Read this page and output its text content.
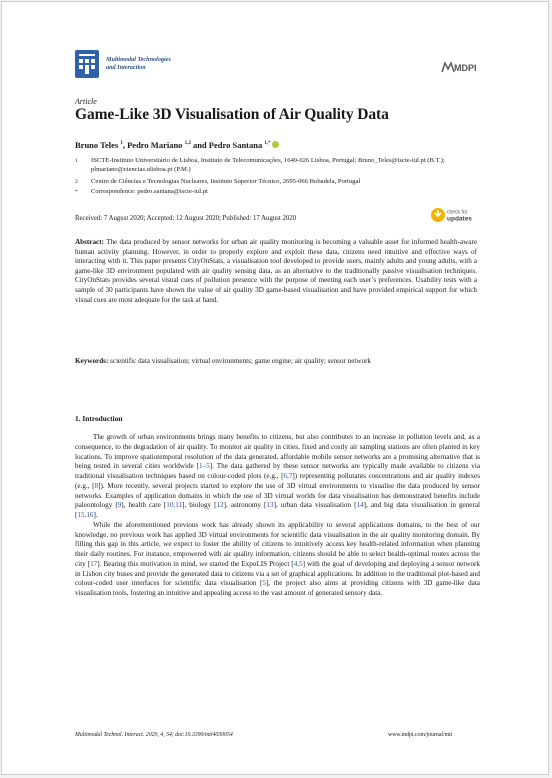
Multimodal Technologies
and Interaction	MDPI
Article
Game-Like 3D Visualisation of Air Quality Data
Bruno Teles $^1$, Pedro Mariano $^{1,2}$ and Pedro Santana $^{1,*}$
1 ISCTE-Instituto Universitário de Lisboa, Instituto de Telecomunicações, 1649-026 Lisboa, Portugal; Bruno_Teles@iscte-iul.pt (B.T.); plmariano@ciencias.ulisboa.pt (P.M.)
2 Centro de Ciências e Tecnologias Nucleares, Instituto Superior Técnico, 2695-066 Bobadela, Portugal
* Correspondence: pedro.santana@iscte-iul.pt
Received: 7 August 2020; Accepted: 12 August 2020; Published: 17 August 2020
check for
updates
Abstract: The data produced by sensor networks for urban air quality monitoring is becoming a valuable asset for informed health-aware human activity planning. However, in order to properly explore and exploit these data, citizens need intuitive and effective ways of interacting with it. This paper presents CityOnStats, a visualisation tool developed to provide users, mainly adults and young adults, with a game-like 3D environment populated with air quality sensing data, as an alternative to the traditionally passive visualisation techniques. CityOnStats provides several visual cues of pollution presence with the purpose of meeting each user’s preferences. Usability tests with a sample of 30 participants have shown the value of air quality 3D game-based visualisation and have provided empirical support for which visual cues are most adequate for the task at hand.
Keywords: scientific data visualisation; virtual environments; game engine; air quality; sensor network
1. Introduction

The growth of urban environments brings many benefits to citizens, but also contributes to an increase in pollution levels and, as a consequence, to the degradation of air quality. To monitor air quality in cities, fixed and costly air sampling stations are often planted in key locations. To improve spatiotemporal resolution of the data generated, affordable mobile sensor networks are a promising alternative that is being tested in several cities worldwide [1–5]. The data gathered by these sensor networks are typically made available to citizens via traditional visualisation techniques based on colour-coded plots (e.g., [6,7]) representing pollutants concentrations and air quality indexes (e.g., [8]). More recently, several projects started to explore the use of 3D virtual environments to visualise the data produced by sensor networks. Examples of application domains in which the use of 3D virtual worlds for data visualisation has demonstrated benefits include paleontology [9], health care [10,11], biology [12], astronomy [13], urban data visualisation [14], and big data visualisation in general [15,16].

While the aforementioned previous work has already shown its applicability to several applications domains, to the best of our knowledge, no previous work has applied 3D virtual environments for scientific data visualisation in the air quality monitoring domain. By filling this gap in this article, we expect to foster the ability of citizens to intuitively access key health-related information when planning their daily routines. For instance, empowered with air quality information, citizens should be able to select health-optimal routes across the city [17]. Bearing this motivation in mind, we started the ExpoLIS Project [4,5] with the goal of developing and deploying a sensor network in Lisbon city buses and provide the generated data to citizens via a set of graphical applications. In addition to the traditional plot-based and colour-coded user interfaces for scientific data visualisation [5], the project also aims at providing citizens with 3D game-like data visualisation tools, fostering an intuitive and appealing access to the vast amount of generated sensory data.

Multimodal Technol. Interact. 2020, 4, 54; doi:10.3390/mti4030054	www.mdpi.com/journal/mti
